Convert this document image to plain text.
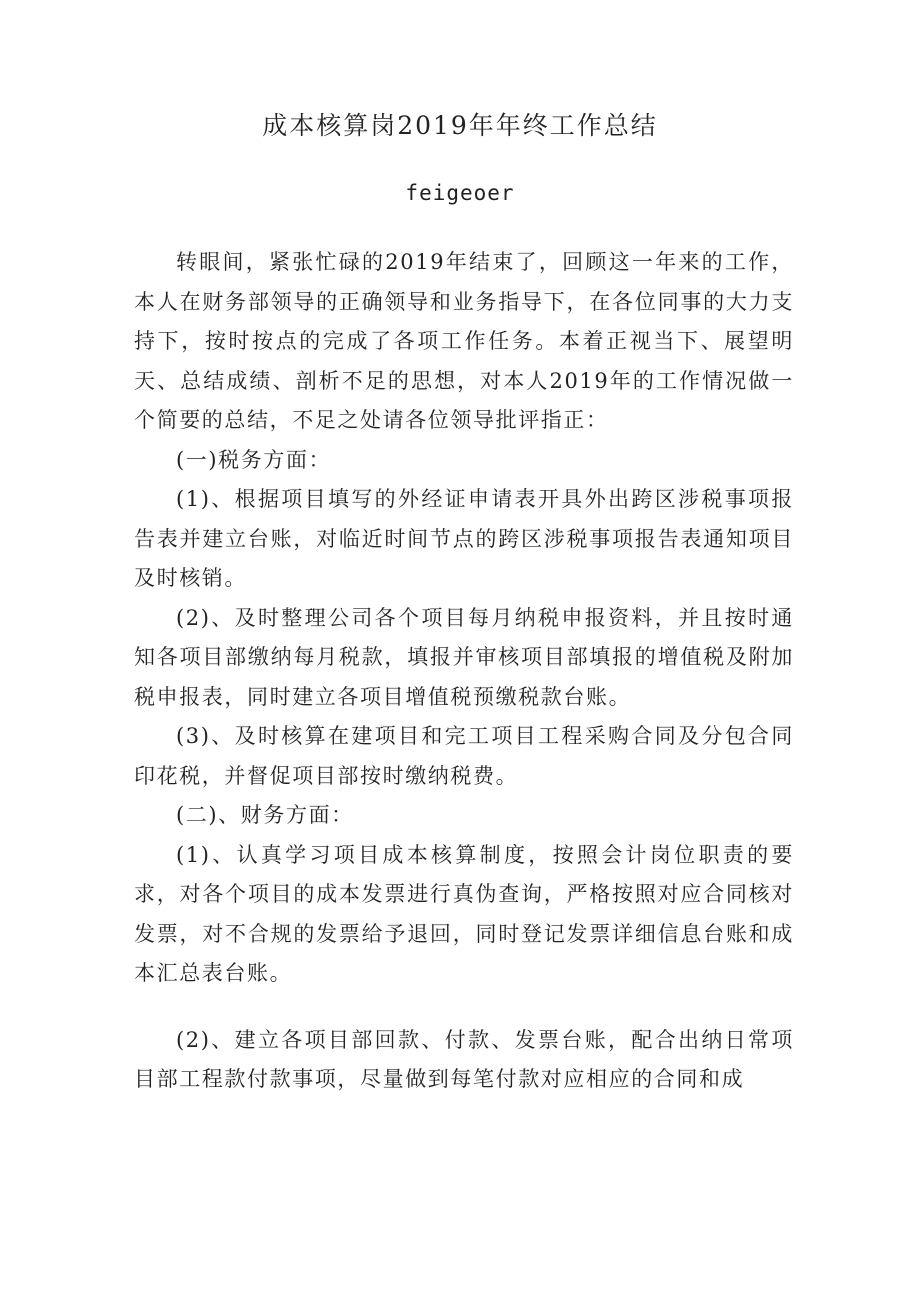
成本核算岗2019年年终工作总结
feigeoer

转眼间，紧张忙碌的2019年结束了，回顾这一年来的工作，本人在财务部领导的正确领导和业务指导下，在各位同事的大力支持下，按时按点的完成了各项工作任务。本着正视当下、展望明天、总结成绩、剖析不足的思想，对本人2019年的工作情况做一个简要的总结，不足之处请各位领导批评指正：

(一)税务方面：

(1)、根据项目填写的外经证申请表开具外出跨区涉税事项报告表并建立台账，对临近时间节点的跨区涉税事项报告表通知项目及时核销。

(2)、及时整理公司各个项目每月纳税申报资料，并且按时通知各项目部缴纳每月税款，填报并审核项目部填报的增值税及附加税申报表，同时建立各项目增值税预缴税款台账。

(3)、及时核算在建项目和完工项目工程采购合同及分包合同印花税，并督促项目部按时缴纳税费。

(二)、财务方面：

(1)、认真学习项目成本核算制度，按照会计岗位职责的要求，对各个项目的成本发票进行真伪查询，严格按照对应合同核对发票，对不合规的发票给予退回，同时登记发票详细信息台账和成本汇总表台账。

(2)、建立各项目部回款、付款、发票台账，配合出纳日常项目部工程款付款事项，尽量做到每笔付款对应相应的合同和成
